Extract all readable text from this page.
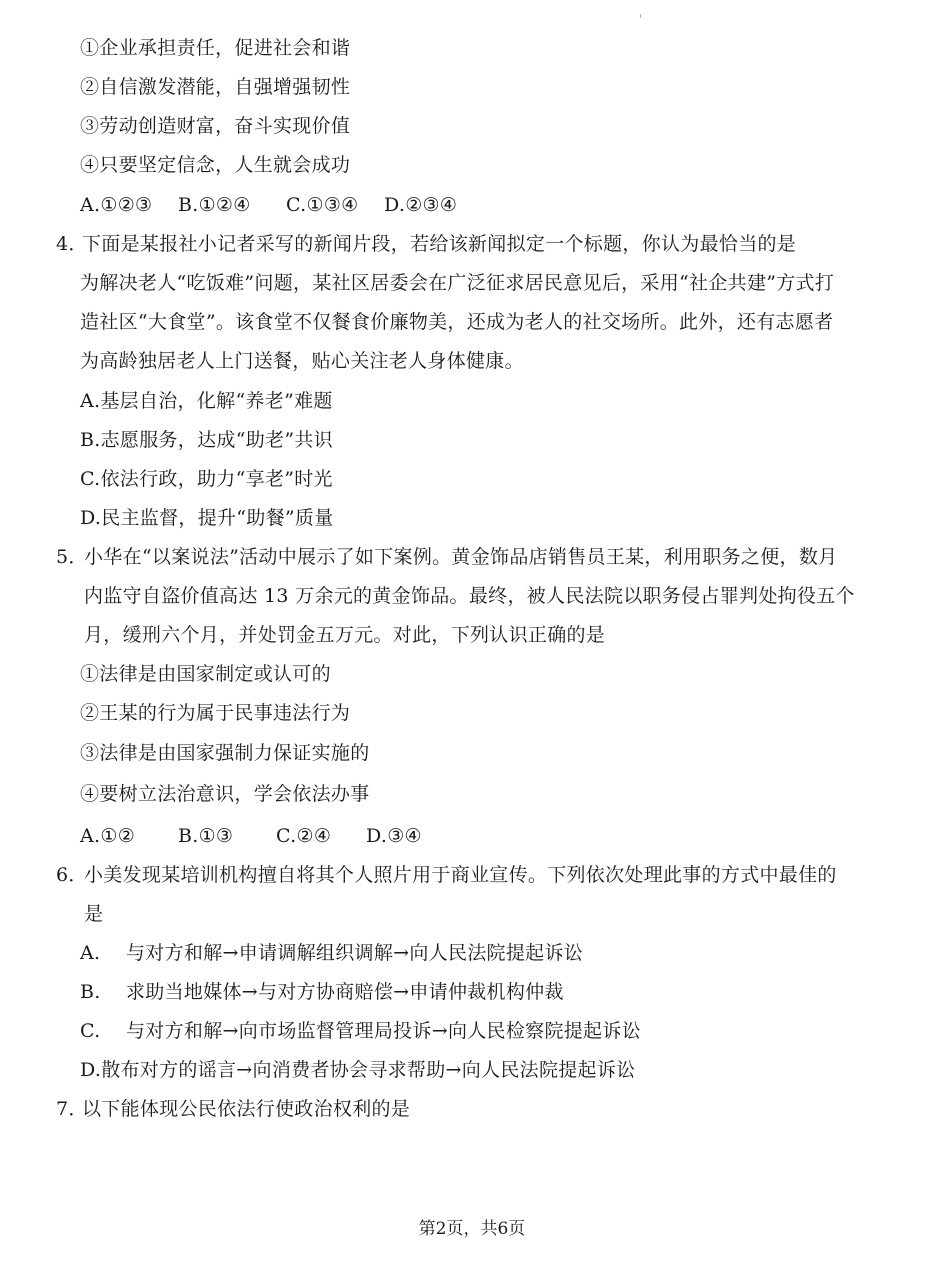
①企业承担责任，促进社会和谐
②自信激发潜能，自强增强韧性
③劳动创造财富，奋斗实现价值
④只要坚定信念，人生就会成功
A.①②③ B.①②④ C.①③④ D.②③④
4．下面是某报社小记者采写的新闻片段，若给该新闻拟定一个标题，你认为最恰当的是
为解决老人“吃饭难”问题，某社区居委会在广泛征求居民意见后，采用“社企共建”方式打
造社区“大食堂”。该食堂不仅餐食价廉物美，还成为老人的社交场所。此外，还有志愿者
为高龄独居老人上门送餐，贴心关注老人身体健康。
A.基层自治，化解“养老”难题
B.志愿服务，达成“助老”共识
C.依法行政，助力“享老”时光
D.民主监督，提升“助餐”质量
5．小华在“以案说法”活动中展示了如下案例。黄金饰品店销售员王某，利用职务之便，数月
内监守自盗价值高达 13 万余元的黄金饰品。最终，被人民法院以职务侵占罪判处拘役五个
月，缓刑六个月，并处罚金五万元。对此，下列认识正确的是
①法律是由国家制定或认可的
②王某的行为属于民事违法行为
③法律是由国家强制力保证实施的
④要树立法治意识，学会依法办事
A.①② B.①③ C.②④ D.③④
6．小美发现某培训机构擅自将其个人照片用于商业宣传。下列依次处理此事的方式中最佳的
是
A. 与对方和解→申请调解组织调解→向人民法院提起诉讼
B. 求助当地媒体→与对方协商赔偿→申请仲裁机构仲裁
C. 与对方和解→向市场监督管理局投诉→向人民检察院提起诉讼
D.散布对方的谣言→向消费者协会寻求帮助→向人民法院提起诉讼
7．以下能体现公民依法行使政治权利的是
第2页，共6页
